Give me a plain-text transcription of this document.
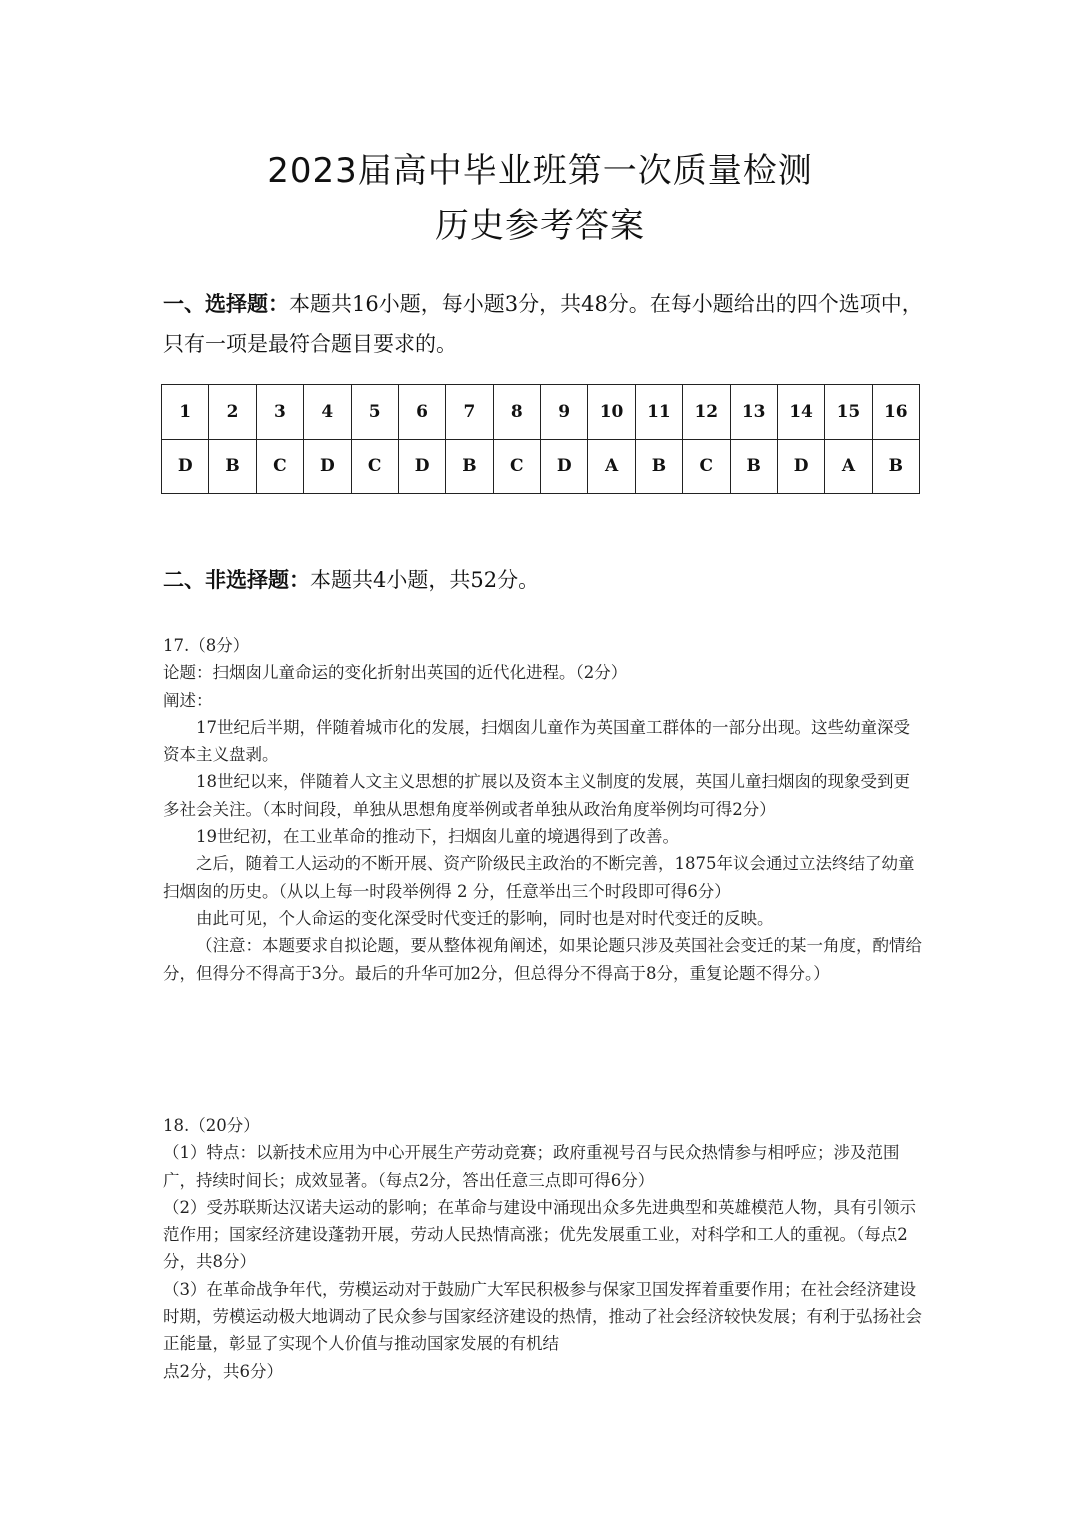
2023届高中毕业班第一次质量检测
历史参考答案
一、选择题：本题共16小题，每小题3分，共48分。在每小题给出的四个选项中，只有一项是最符合题目要求的。
1	2	3	4	5	6	7	8	9	10	11	12	13	14	15	16
D	B	C	D	C	D	B	C	D	A	B	C	B	D	A	B
二、非选择题：本题共4小题，共52分。

17.（8分）

论题：扫烟囱儿童命运的变化折射出英国的近代化进程。（2分）

阐述：

17世纪后半期，伴随着城市化的发展，扫烟囱儿童作为英国童工群体的一部分出现。这些幼童深受资本主义盘剥。

18世纪以来，伴随着人文主义思想的扩展以及资本主义制度的发展，英国儿童扫烟囱的现象受到更多社会关注。（本时间段，单独从思想角度举例或者单独从政治角度举例均可得2分）

19世纪初，在工业革命的推动下，扫烟囱儿童的境遇得到了改善。

之后，随着工人运动的不断开展、资产阶级民主政治的不断完善，1875年议会通过立法终结了幼童扫烟囱的历史。（从以上每一时段举例得 2 分，任意举出三个时段即可得6分）

由此可见，个人命运的变化深受时代变迁的影响，同时也是对时代变迁的反映。

（注意：本题要求自拟论题，要从整体视角阐述，如果论题只涉及英国社会变迁的某一角度，酌情给分，但得分不得高于3分。最后的升华可加2分，但总得分不得高于8分，重复论题不得分。）

18.（20分）

（1）特点：以新技术应用为中心开展生产劳动竞赛；政府重视号召与民众热情参与相呼应；涉及范围广，持续时间长；成效显著。（每点2分，答出任意三点即可得6分）

（2）受苏联斯达汉诺夫运动的影响；在革命与建设中涌现出众多先进典型和英雄模范人物，具有引领示范作用；国家经济建设蓬勃开展，劳动人民热情高涨；优先发展重工业，对科学和工人的重视。（每点2分，共8分）

（3）在革命战争年代，劳模运动对于鼓励广大军民积极参与保家卫国发挥着重要作用；在社会经济建设时期，劳模运动极大地调动了民众参与国家经济建设的热情，推动了社会经济较快发展；有利于弘扬社会正能量，彰显了实现个人价值与推动国家发展的有机结

点2分，共6分）
